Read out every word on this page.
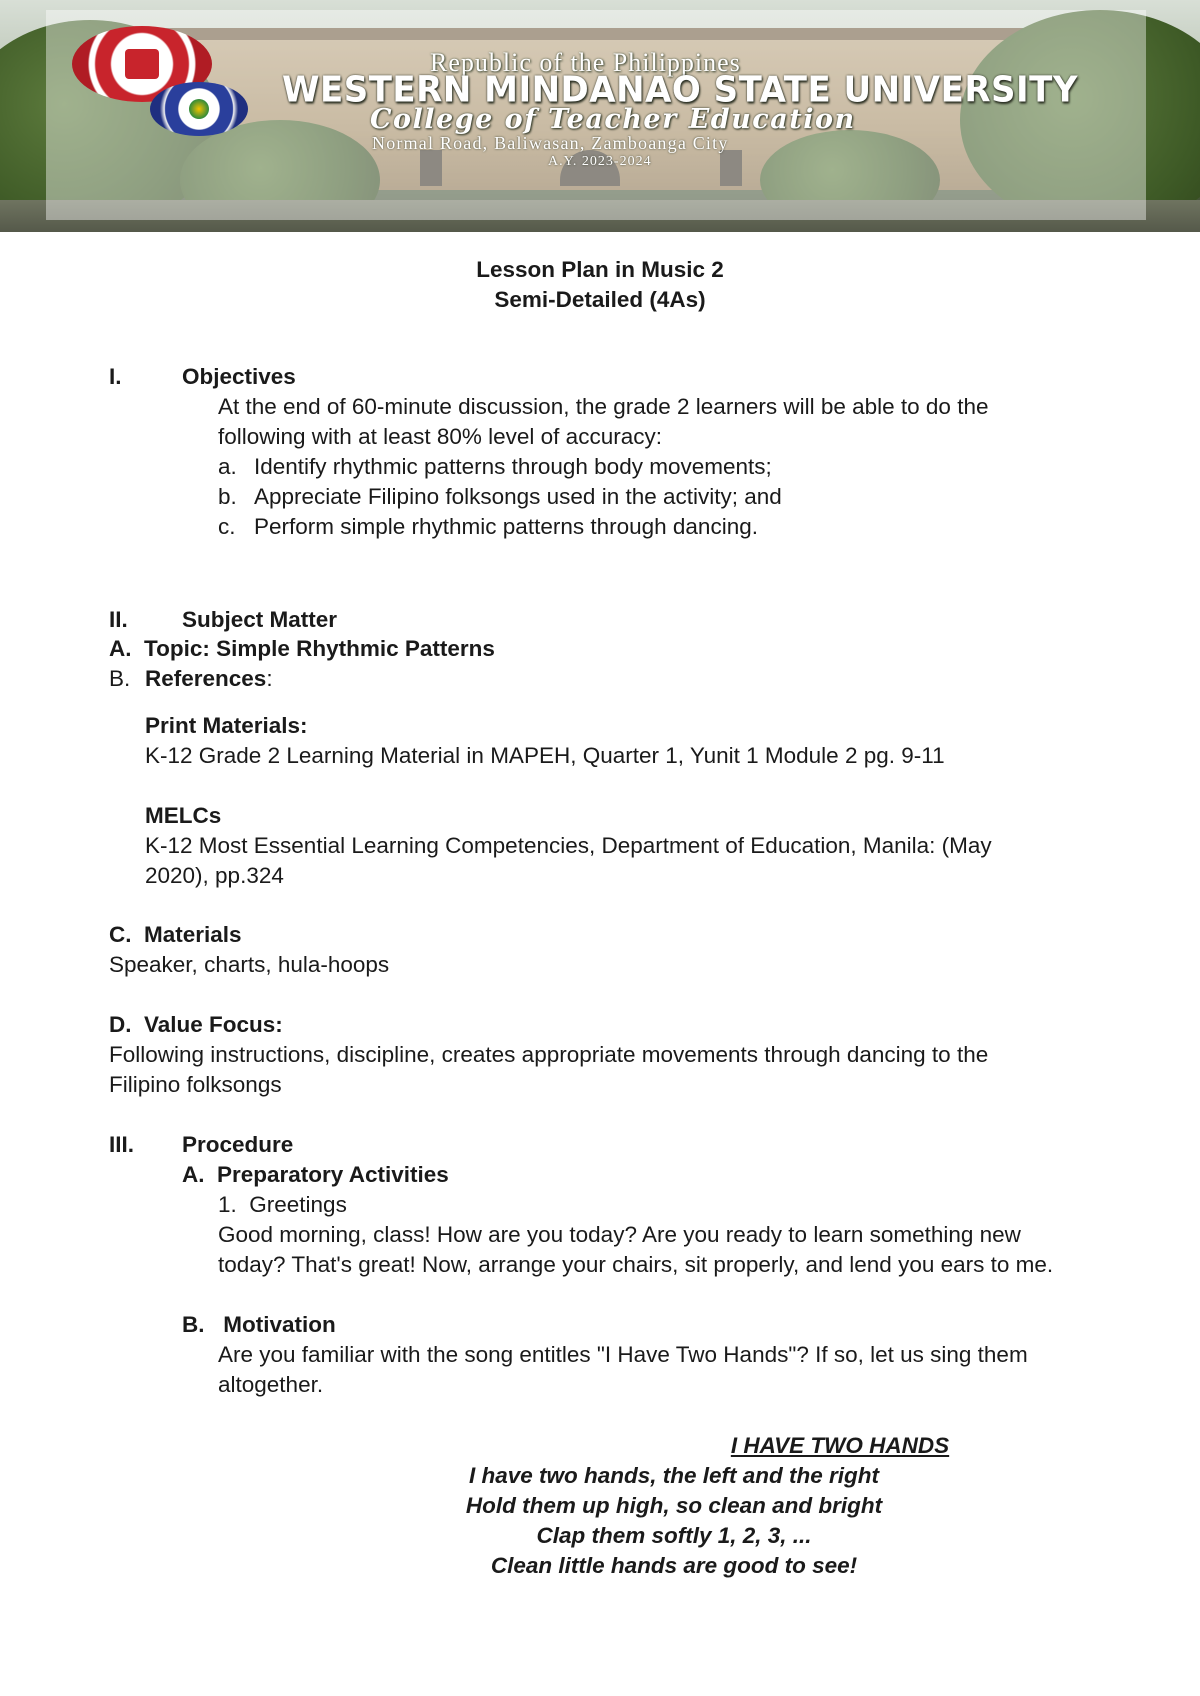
Republic of the Philippines
WESTERN MINDANAO STATE UNIVERSITY
College of Teacher Education
Normal Road, Baliwasan, Zamboanga City
A.Y. 2023-2024
Lesson Plan in Music 2
Semi-Detailed (4As)
I.	Objectives
At the end of 60-minute discussion, the grade 2 learners will be able to do the
following with at least 80% level of accuracy:
a. Identify rhythmic patterns through body movements;
b. Appreciate Filipino folksongs used in the activity; and
c. Perform simple rhythmic patterns through dancing.
II. Subject Matter
A.  Topic: Simple Rhythmic Patterns
B. References:
Print Materials:
K-12 Grade 2 Learning Material in MAPEH, Quarter 1, Yunit 1 Module 2 pg. 9-11
MELCs
K-12 Most Essential Learning Competencies, Department of Education, Manila: (May
2020), pp.324
C.  Materials
Speaker, charts, hula-hoops
D.  Value Focus:
Following instructions, discipline, creates appropriate movements through dancing to the
Filipino folksongs
III. Procedure
A.  Preparatory Activities
1.  Greetings
Good morning, class! How are you today? Are you ready to learn something new
today? That's great! Now, arrange your chairs, sit properly, and lend you ears to me.
B.   Motivation
Are you familiar with the song entitles "I Have Two Hands"? If so, let us sing them
altogether.
I HAVE TWO HANDS
I have two hands, the left and the right
Hold them up high, so clean and bright
Clap them softly 1, 2, 3, ...
Clean little hands are good to see!
